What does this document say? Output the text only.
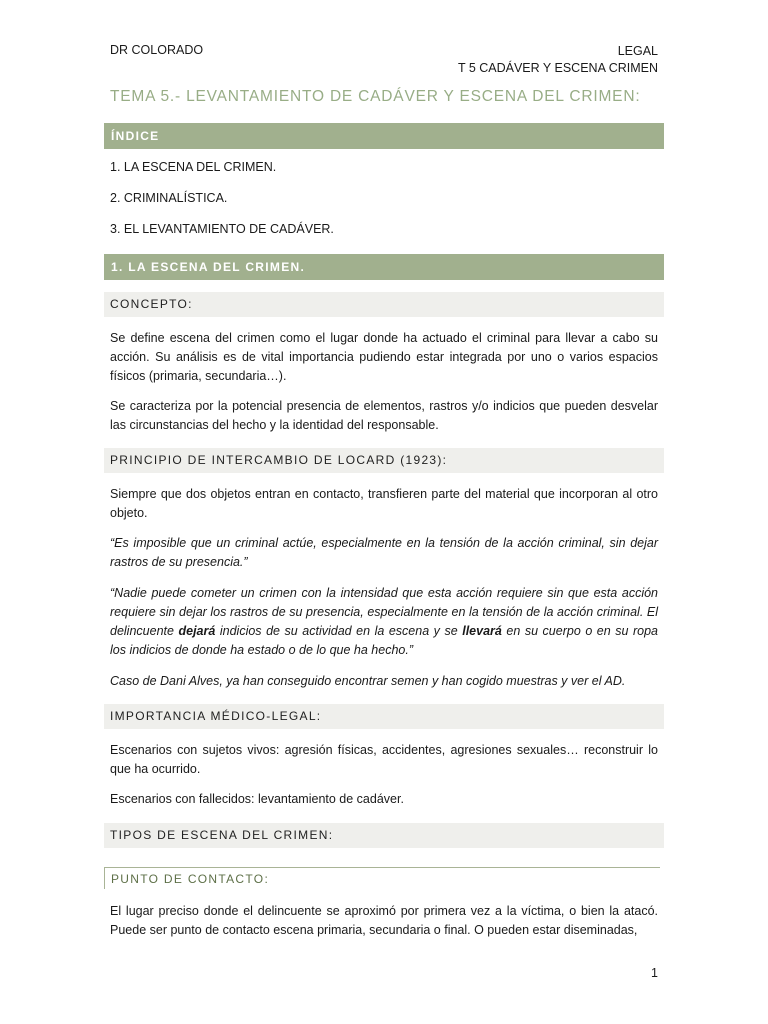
DR COLORADO	LEGAL
T 5 CADÁVER Y ESCENA CRIMEN
TEMA 5.- LEVANTAMIENTO DE CADÁVER Y ESCENA DEL CRIMEN:
ÍNDICE
1. LA ESCENA DEL CRIMEN.
2. CRIMINALÍSTICA.
3. EL LEVANTAMIENTO DE CADÁVER.
1. LA ESCENA DEL CRIMEN.
CONCEPTO:
Se define escena del crimen como el lugar donde ha actuado el criminal para llevar a cabo su acción. Su análisis es de vital importancia pudiendo estar integrada por uno o varios espacios físicos (primaria, secundaria…).
Se caracteriza por la potencial presencia de elementos, rastros y/o indicios que pueden desvelar las circunstancias del hecho y la identidad del responsable.
PRINCIPIO DE INTERCAMBIO DE LOCARD (1923):
Siempre que dos objetos entran en contacto, transfieren parte del material que incorporan al otro objeto.
“Es imposible que un criminal actúe, especialmente en la tensión de la acción criminal, sin dejar rastros de su presencia.”
“Nadie puede cometer un crimen con la intensidad que esta acción requiere sin que esta acción requiere sin dejar los rastros de su presencia, especialmente en la tensión de la acción criminal. El delincuente dejará indicios de su actividad en la escena y se llevará en su cuerpo o en su ropa los indicios de donde ha estado o de lo que ha hecho.”
Caso de Dani Alves, ya han conseguido encontrar semen y han cogido muestras y ver el AD.
IMPORTANCIA MÉDICO-LEGAL:
Escenarios con sujetos vivos: agresión físicas, accidentes, agresiones sexuales… reconstruir lo que ha ocurrido.
Escenarios con fallecidos: levantamiento de cadáver.
TIPOS DE ESCENA DEL CRIMEN:
PUNTO DE CONTACTO:
El lugar preciso donde el delincuente se aproximó por primera vez a la víctima, o bien la atacó. Puede ser punto de contacto escena primaria, secundaria o final. O pueden estar diseminadas,
1
